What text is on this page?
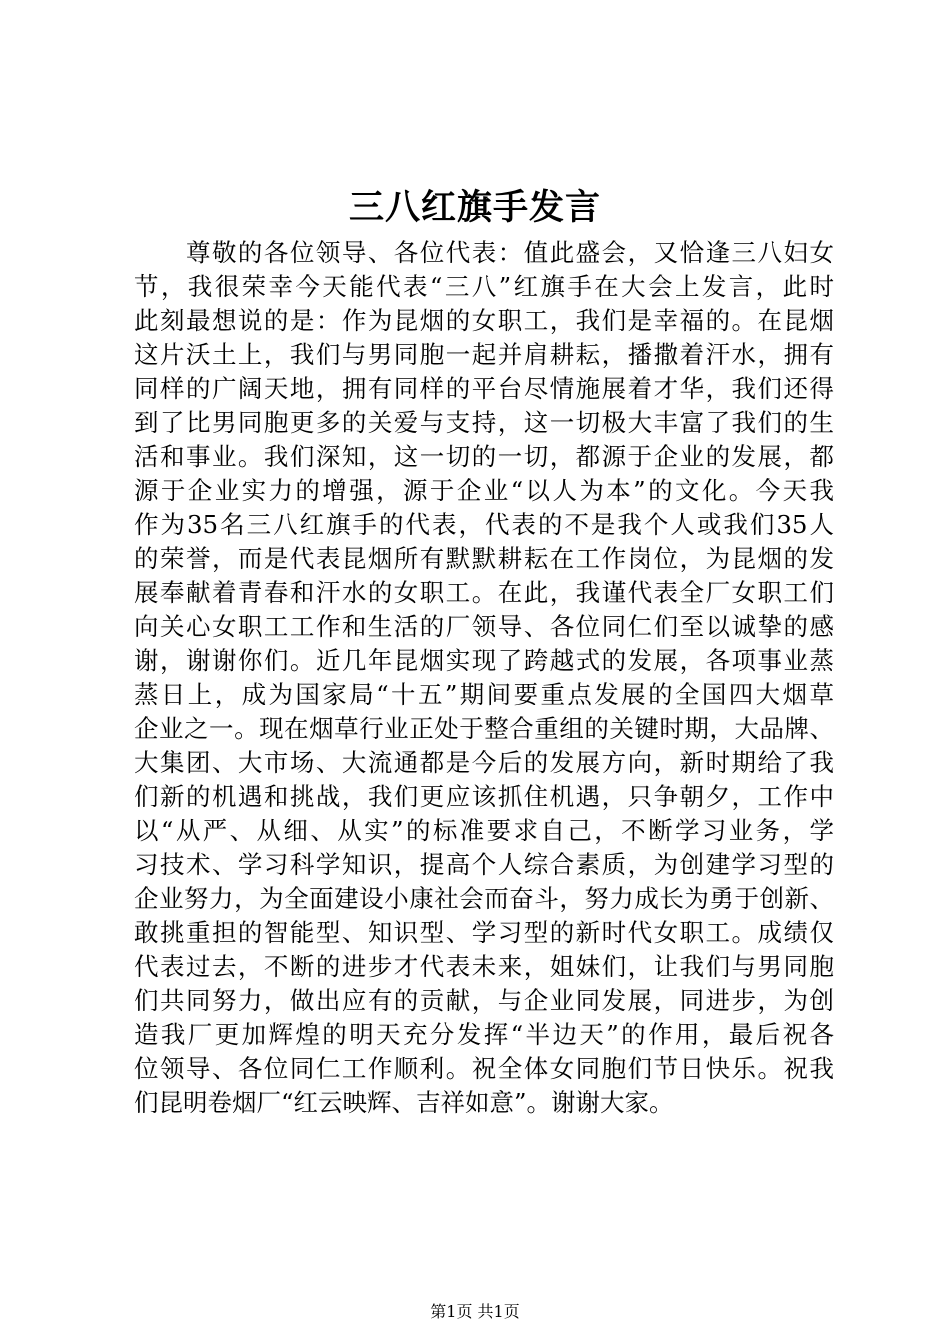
三八红旗手发言
　　尊敬的各位领导、各位代表：值此盛会，又恰逢三八妇女
节，我很荣幸今天能代表“三八”红旗手在大会上发言，此时
此刻最想说的是：作为昆烟的女职工，我们是幸福的。在昆烟
这片沃土上，我们与男同胞一起并肩耕耘，播撒着汗水，拥有
同样的广阔天地，拥有同样的平台尽情施展着才华，我们还得
到了比男同胞更多的关爱与支持，这一切极大丰富了我们的生
活和事业。我们深知，这一切的一切，都源于企业的发展，都
源于企业实力的增强，源于企业“以人为本”的文化。今天我
作为35名三八红旗手的代表，代表的不是我个人或我们35人
的荣誉，而是代表昆烟所有默默耕耘在工作岗位，为昆烟的发
展奉献着青春和汗水的女职工。在此，我谨代表全厂女职工们
向关心女职工工作和生活的厂领导、各位同仁们至以诚挚的感
谢，谢谢你们。近几年昆烟实现了跨越式的发展，各项事业蒸
蒸日上，成为国家局“十五”期间要重点发展的全国四大烟草
企业之一。现在烟草行业正处于整合重组的关键时期，大品牌、
大集团、大市场、大流通都是今后的发展方向，新时期给了我
们新的机遇和挑战，我们更应该抓住机遇，只争朝夕，工作中
以“从严、从细、从实”的标准要求自己，不断学习业务，学
习技术、学习科学知识，提高个人综合素质，为创建学习型的
企业努力，为全面建设小康社会而奋斗，努力成长为勇于创新、
敢挑重担的智能型、知识型、学习型的新时代女职工。成绩仅
代表过去，不断的进步才代表未来，姐妹们，让我们与男同胞
们共同努力，做出应有的贡献，与企业同发展，同进步，为创
造我厂更加辉煌的明天充分发挥“半边天”的作用，最后祝各
位领导、各位同仁工作顺利。祝全体女同胞们节日快乐。祝我
们昆明卷烟厂“红云映辉、吉祥如意”。谢谢大家。
第1页 共1页
